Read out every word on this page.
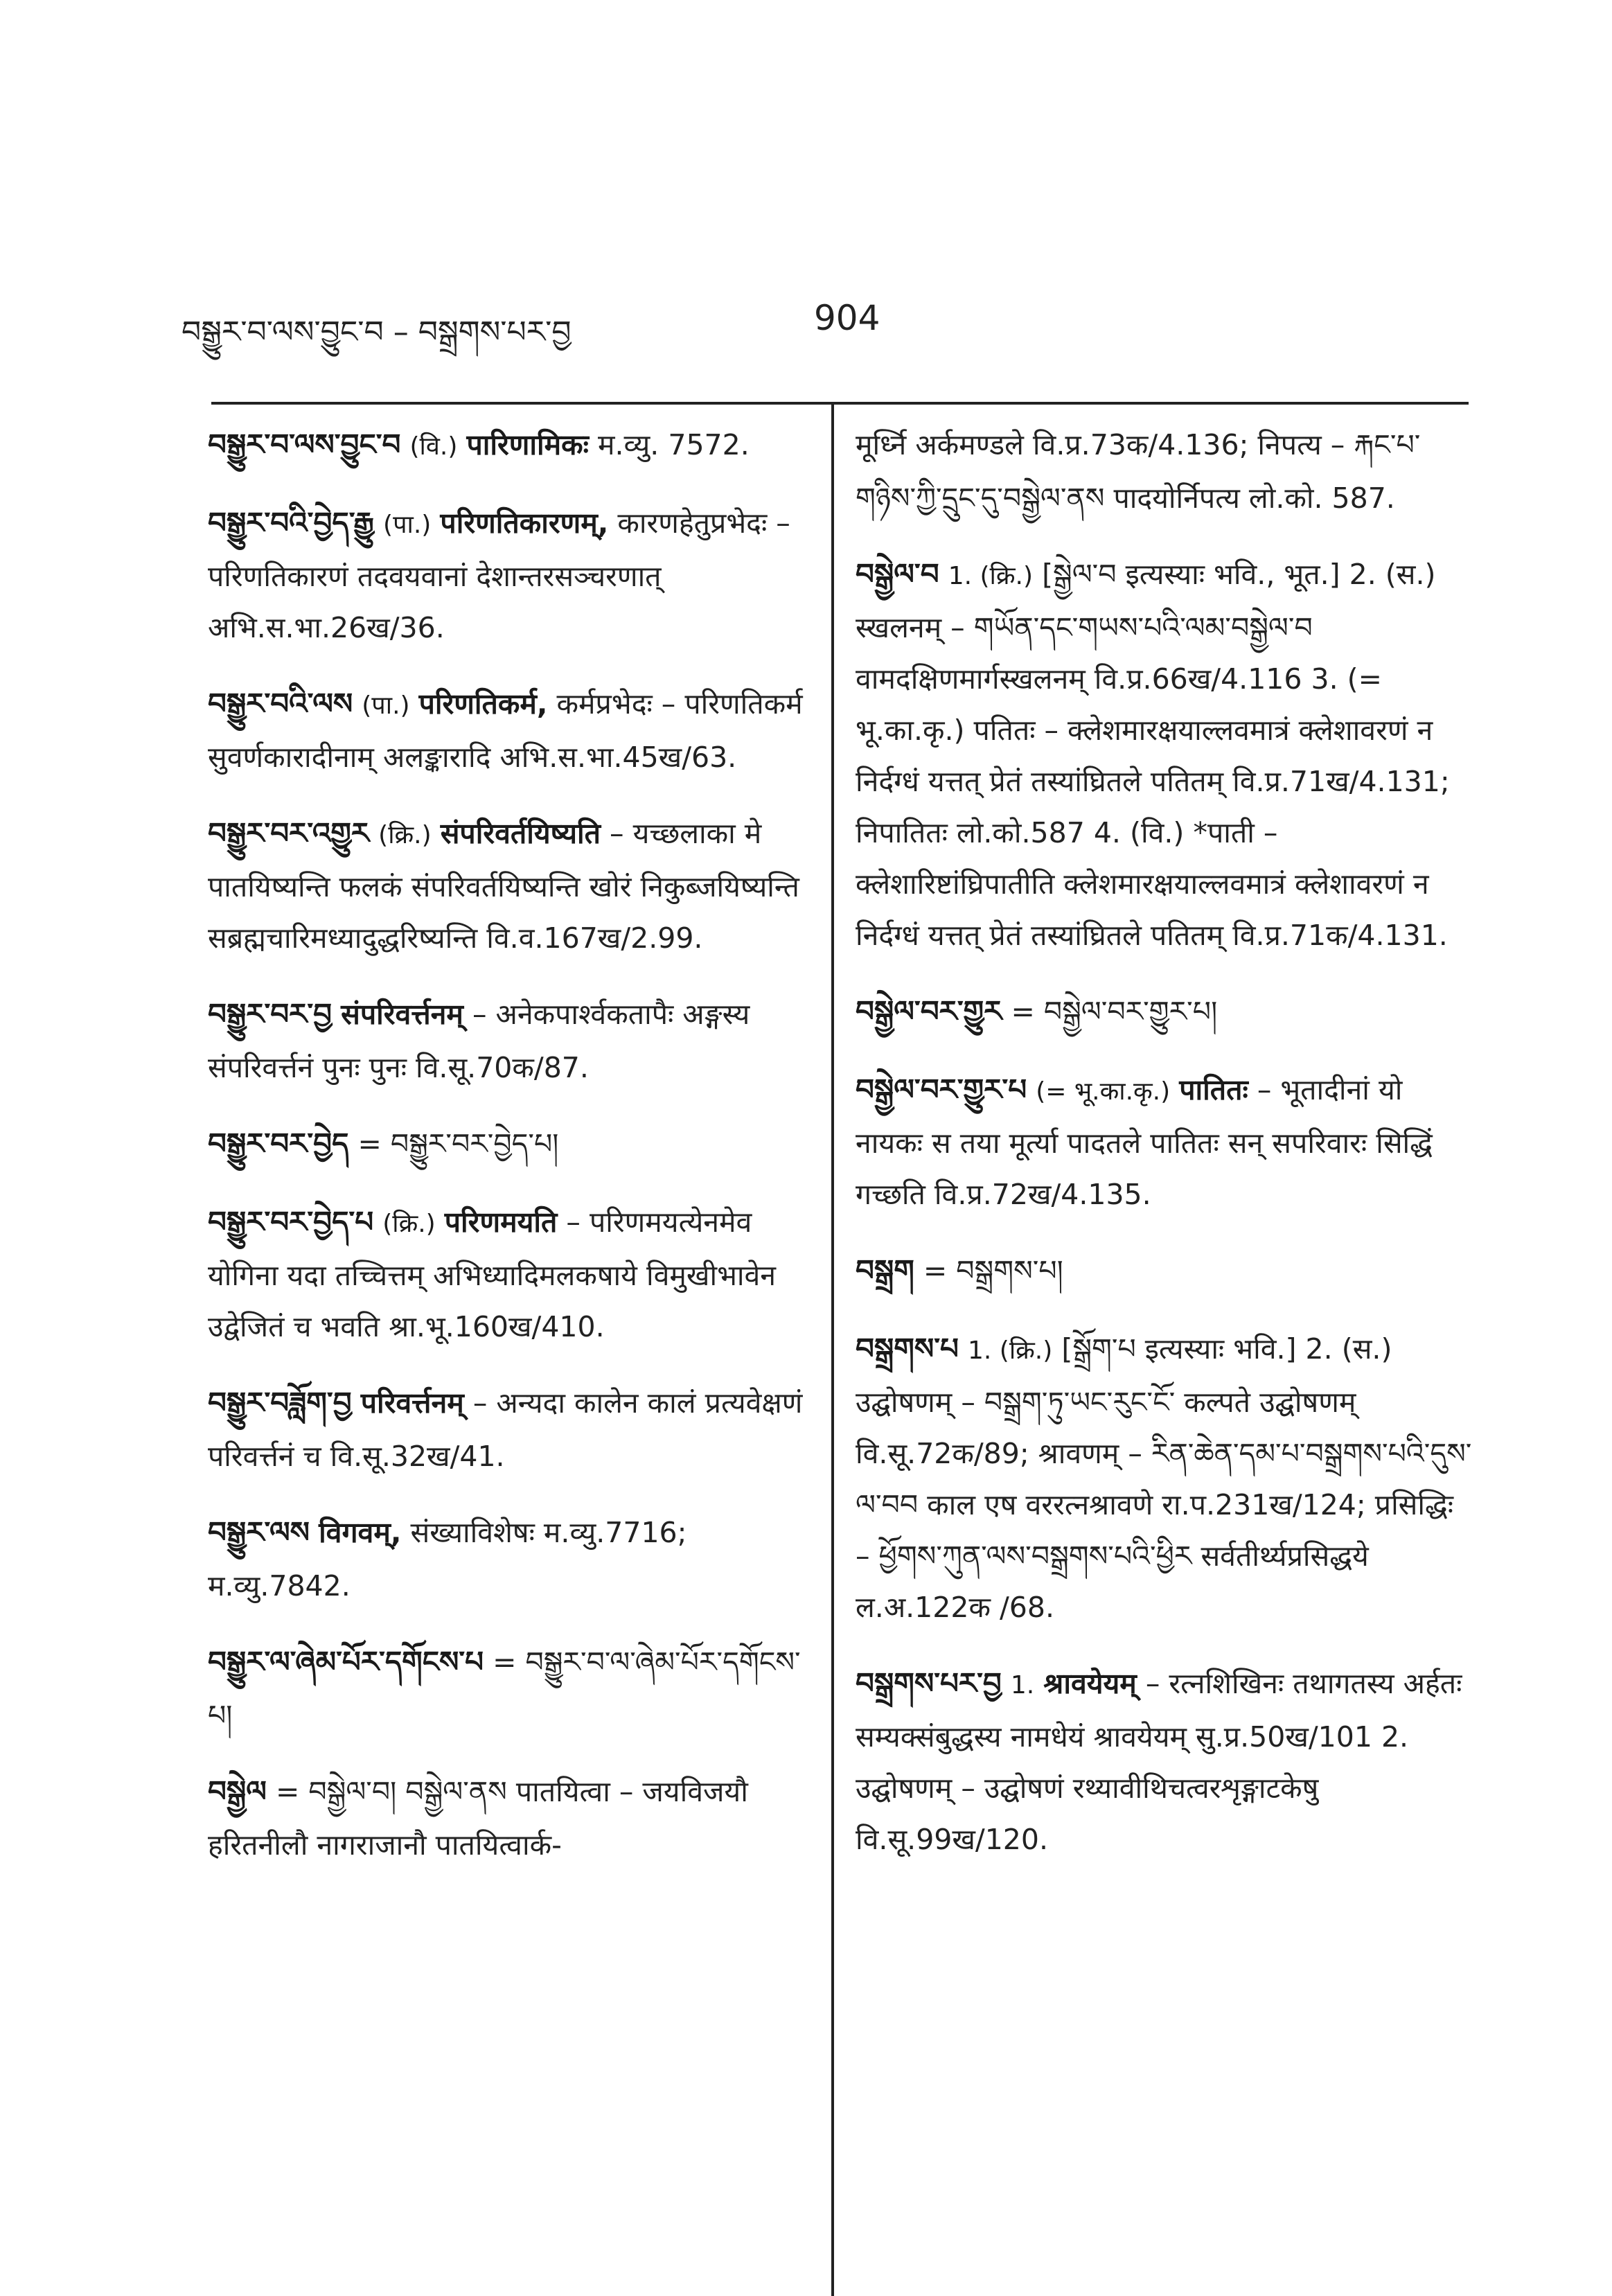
བསྒྱུར་བ་ལས་བྱུང་བ – བསྒྲགས་པར་བྱ	904
བསྒྱུར་བ་ལས་བྱུང་བ (वि.) पारिणामिकः म.व्यु. 7572.
བསྒྱུར་བའི་བྱེད་རྒྱུ (पा.) परिणतिकारणम्, कारणहेतुप्रभेदः – परिणतिकारणं तदवयवानां देशान्तरसञ्चरणात् अभि.स.भा.26ख/36.
བསྒྱུར་བའི་ལས (पा.) परिणतिकर्म, कर्मप्रभेदः – परिणतिकर्म सुवर्णकारादीनाम् अलङ्कारादि अभि.स.भा.45ख/63.
བསྒྱུར་བར་འགྱུར (क्रि.) संपरिवर्तयिष्यति – यच्छलाका मे पातयिष्यन्ति फलकं संपरिवर्तयिष्यन्ति खोरं निकुब्जयिष्यन्ति सब्रह्मचारिमध्यादुद्धरिष्यन्ति वि.व.167ख/2.99.
བསྒྱུར་བར་བྱ संपरिवर्त्तनम् – अनेकपार्श्वकतापैः अङ्गस्य संपरिवर्त्तनं पुनः पुनः वि.सू.70क/87.
བསྒྱུར་བར་བྱེད = བསྒྱུར་བར་བྱེད་པ།
བསྒྱུར་བར་བྱེད་པ (क्रि.) परिणमयति – परिणमयत्येनमेव योगिना यदा तच्चित्तम् अभिध्यादिमलकषाये विमुखीभावेन उद्वेजितं च भवति श्रा.भू.160ख/410.
བསྒྱུར་བཟློག་བྱ परिवर्त्तनम् – अन्यदा कालेन कालं प्रत्यवेक्षणं परिवर्त्तनं च वि.सू.32ख/41.
བསྒྱུར་ལས विगवम्, संख्याविशेषः म.व्यु.7716; म.व्यु.7842.
བསྒྱུར་ལ་ཞེམ་པོར་དགོངས་པ = བསྒྱུར་བ་ལ་ཞེམ་པོར་དགོངས་པ།
བསྒྱེལ = བསྒྱེལ་བ། བསྒྱེལ་ནས पातयित्वा – जयविजयौ हरितनीलौ नागराजानौ पातयित्वार्क-
मूर्ध्नि अर्कमण्डले वि.प्र.73क/4.136; निपत्य – རྐང་པ་གཉིས་ཀྱི་དྲུང་དུ་བསྒྱེལ་ནས पादयोर्निपत्य लो.को. 587.
བསྒྱེལ་བ 1. (क्रि.) [སྒྱེལ་བ इत्यस्याः भवि., भूत.] 2. (स.) स्खलनम् – གཡོན་དང་གཡས་པའི་ལམ་བསྒྱེལ་བ वामदक्षिणमार्गस्खलनम् वि.प्र.66ख/4.116 3. (= भू.का.कृ.) पतितः – क्लेशमारक्षयाल्लवमात्रं क्लेशावरणं न निर्दग्धं यत्तत् प्रेतं तस्यांघ्रितले पतितम् वि.प्र.71ख/4.131; निपातितः लो.को.587 4. (वि.) *पाती – क्लेशारिष्टांघ्रिपातीति क्लेशमारक्षयाल्लवमात्रं क्लेशावरणं न निर्दग्धं यत्तत् प्रेतं तस्यांघ्रितले पतितम् वि.प्र.71क/4.131.
བསྒྱེལ་བར་གྱུར = བསྒྱེལ་བར་གྱུར་པ།
བསྒྱེལ་བར་གྱུར་པ (= भू.का.कृ.) पातितः – भूतादीनां यो नायकः स तया मूर्त्या पादतले पातितः सन् सपरिवारः सिद्धिं गच्छति वि.प्र.72ख/4.135.
བསྒྲག = བསྒྲགས་པ།
བསྒྲགས་པ 1. (क्रि.) [སྒྲོག་པ इत्यस्याः भवि.] 2. (स.) उद्घोषणम् – བསྒྲག་ཏུ་ཡང་རུང་ངོ་ कल्पते उद्घोषणम् वि.सू.72क/89; श्रावणम् – རིན་ཆེན་དམ་པ་བསྒྲགས་པའི་དུས་ལ་བབ काल एष वररत्नश्रावणे रा.प.231ख/124; प्रसिद्धिः – ཕྱོགས་ཀུན་ལས་བསྒྲགས་པའི་ཕྱིར सर्वतीर्थ्यप्रसिद्धये ल.अ.122क /68.
བསྒྲགས་པར་བྱ 1. श्रावयेयम् – रत्नशिखिनः तथागतस्य अर्हतः सम्यक्संबुद्धस्य नामधेयं श्रावयेयम् सु.प्र.50ख/101 2. उद्घोषणम् – उद्घोषणं रथ्यावीथिचत्वरशृङ्गाटकेषु वि.सू.99ख/120.
